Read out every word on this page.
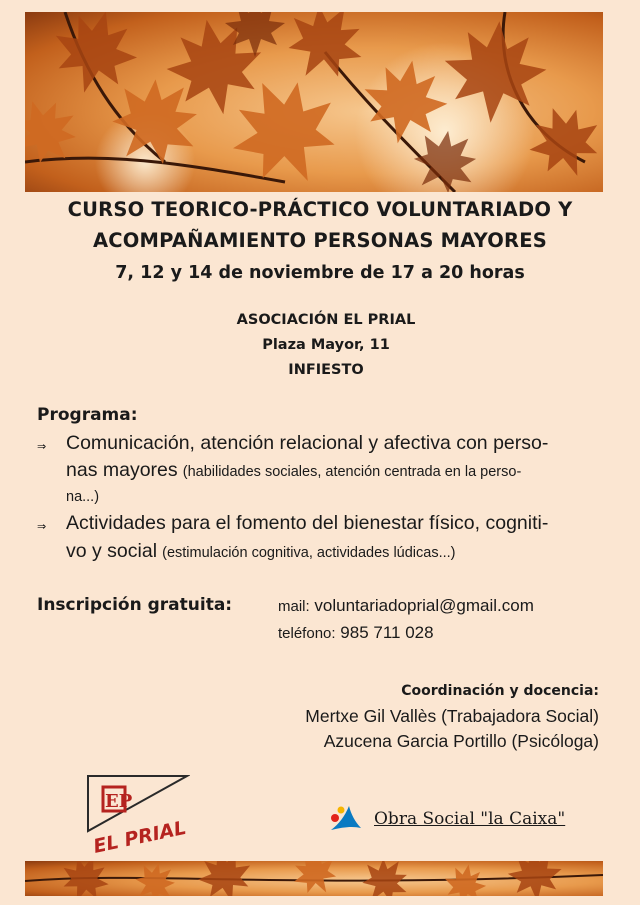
CURSO TEORICO-PRÁCTICO VOLUNTARIADO Y
ACOMPAÑAMIENTO PERSONAS MAYORES
7, 12 y 14 de noviembre de 17 a 20 horas
ASOCIACIÓN EL PRIAL
Plaza Mayor, 11
INFIESTO
Programa:
⇒ Comunicación, atención relacional y afectiva con perso-
nas mayores (habilidades sociales, atención centrada en la perso-
na...)
⇒ Actividades para el fomento del bienestar físico, cogniti-
vo y social (estimulación cognitiva, actividades lúdicas...)
Inscripción gratuita:	mail: voluntariadoprial@gmail.com
teléfono: 985 711 028
Coordinación y docencia:
Mertxe Gil Vallès (Trabajadora Social)
Azucena Garcia Portillo (Psicóloga)
EP
EL PRIAL	Obra Social "la Caixa"
